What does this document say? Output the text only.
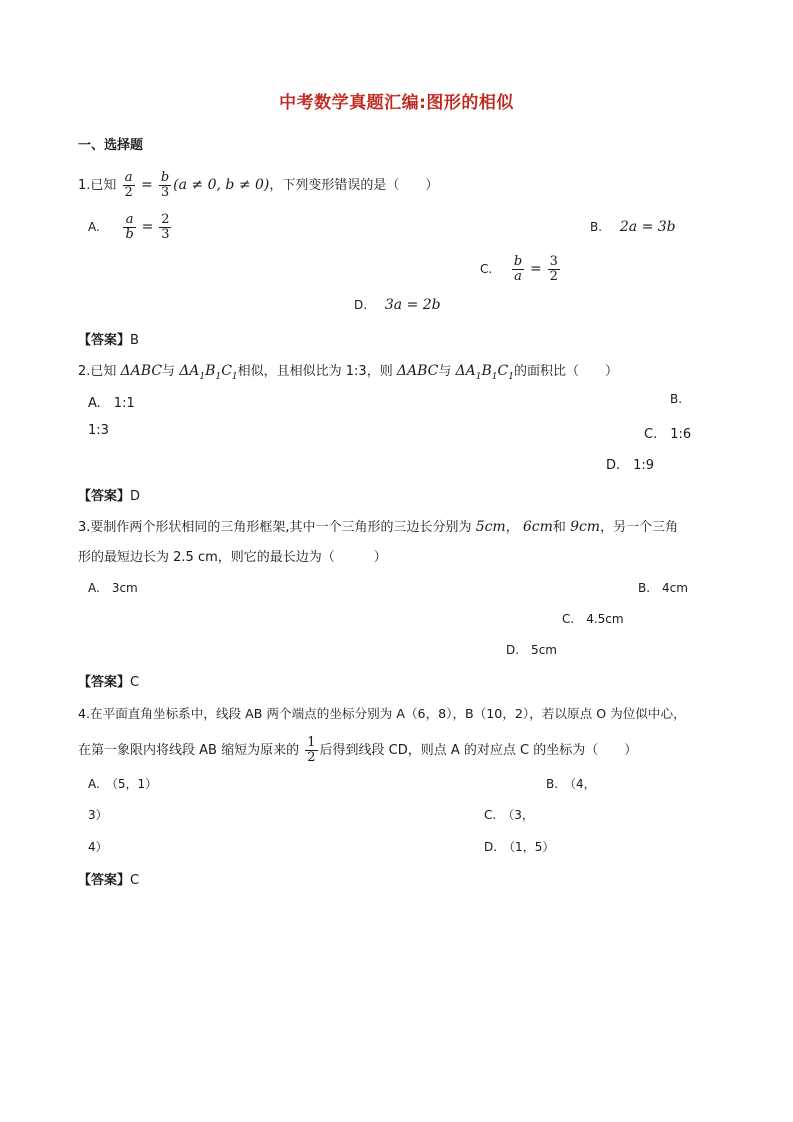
中考数学真题汇编:图形的相似
一、选择题
1.已知 $\frac{a}{2} = \frac{b}{3} (a \ne 0$, b ≠ 0)，下列变形错误的是（　　）
A. $\frac{a}{b} = \frac{2}{3}$	B. 2a = 3b
C. $\frac{b}{a} = \frac{3}{2}$
D. 3a = 2b
【答案】B
2.已知 ΔABC与 $\Delta A_1B_1C_1$相似，且相似比为 1:3，则 ΔABC与 $\Delta A_1B_1C_1$的面积比（　　）
A.　1:1	B.
1:3	C.　1:6
D.　1:9
【答案】D
3.要制作两个形状相同的三角形框架,其中一个三角形的三边长分别为 5cm， 6cm和 9cm，另一个三角
形的最短边长为 2.5 cm，则它的最长边为（　　　）
A.　3cm	B.　4cm
C.　4.5cm
D.　5cm
【答案】C
4.在平面直角坐标系中，线段 AB 两个端点的坐标分别为 A（6，8），B（10，2），若以原点 O 为位似中心，
在第一象限内将线段 AB 缩短为原来的 $\frac{1}{2}$ 后得到线段 CD，则点 A 的对应点 C 的坐标为（　　）
A.　（5，1）	B.　（4，
3）	C.　（3，
4）	D.　（1，5）
【答案】C
